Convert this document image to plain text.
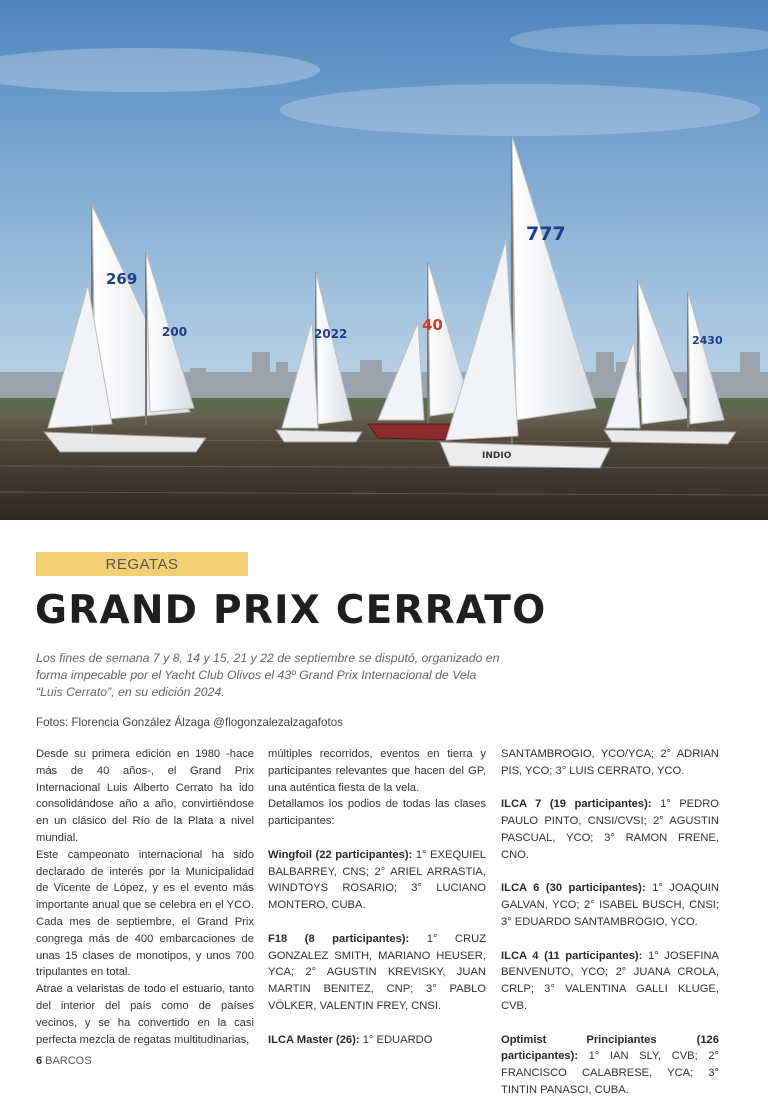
269
200	2022	40
777
INDIO
2430
REGATAS
GRAND PRIX CERRATO

Los fines de semana 7 y 8, 14 y 15, 21 y 22 de septiembre se disputó, organizado en forma impecable por el Yacht Club Olivos el 43º Grand Prix Internacional de Vela “Luis Cerrato”, en su edición 2024.

Fotos: Florencia González Álzaga @flogonzalezalzagafotos

Desde su primera edición en 1980 -hace más de 40 años-, el Grand Prix Internacional Luis Alberto Cerrato ha ido consolidándose año a año, convirtiéndose en un clásico del Río de la Plata a nivel mundial.

Este campeonato internacional ha sido declarado de interés por la Municipalidad de Vicente de López, y es el evento más importante anual que se celebra en el YCO. Cada mes de septiembre, el Grand Prix congrega más de 400 embarcaciones de unas 15 clases de monotipos, y unos 700 tripulantes en total.

Atrae a velaristas de todo el estuario, tanto del interior del país como de países vecinos, y se ha convertido en la casi perfecta mezcla de regatas multitudinarias,

múltiples recorridos, eventos en tierra y participantes relevantes que hacen del GP, una auténtica fiesta de la vela.

Detallamos los podios de todas las clases participantes:

Wingfoil (22 participantes): 1° EXEQUIEL BALBARREY, CNS; 2° ARIEL ARRASTIA, WINDTOYS ROSARIO; 3° LUCIANO MONTERO, CUBA.

F18 (8 participantes): 1° CRUZ GONZALEZ SMITH, MARIANO HEUSER, YCA; 2° AGUSTIN KREVISKY, JUAN MARTIN BENITEZ, CNP; 3° PABLO VÖLKER, VALENTIN FREY, CNSI.

ILCA Master (26): 1° EDUARDO

SANTAMBROGIO, YCO/YCA; 2° ADRIAN PIS, YCO; 3° LUIS CERRATO, YCO.

ILCA 7 (19 participantes): 1° PEDRO PAULO PINTO, CNSI/CVSI; 2° AGUSTIN PASCUAL, YCO; 3° RAMON FRENE, CNO.

ILCA 6 (30 participantes): 1° JOAQUIN GALVAN, YCO; 2° ISABEL BUSCH, CNSI; 3° EDUARDO SANTAMBROGIO, YCO.

ILCA 4 (11 participantes): 1° JOSEFINA BENVENUTO, YCO; 2° JUANA CROLA, CRLP; 3° VALENTINA GALLI KLUGE, CVB.

Optimist Principiantes (126 participantes): 1° IAN SLY, CVB; 2° FRANCISCO CALABRESE, YCA; 3° TINTIN PANASCI, CUBA.

6 BARCOS
